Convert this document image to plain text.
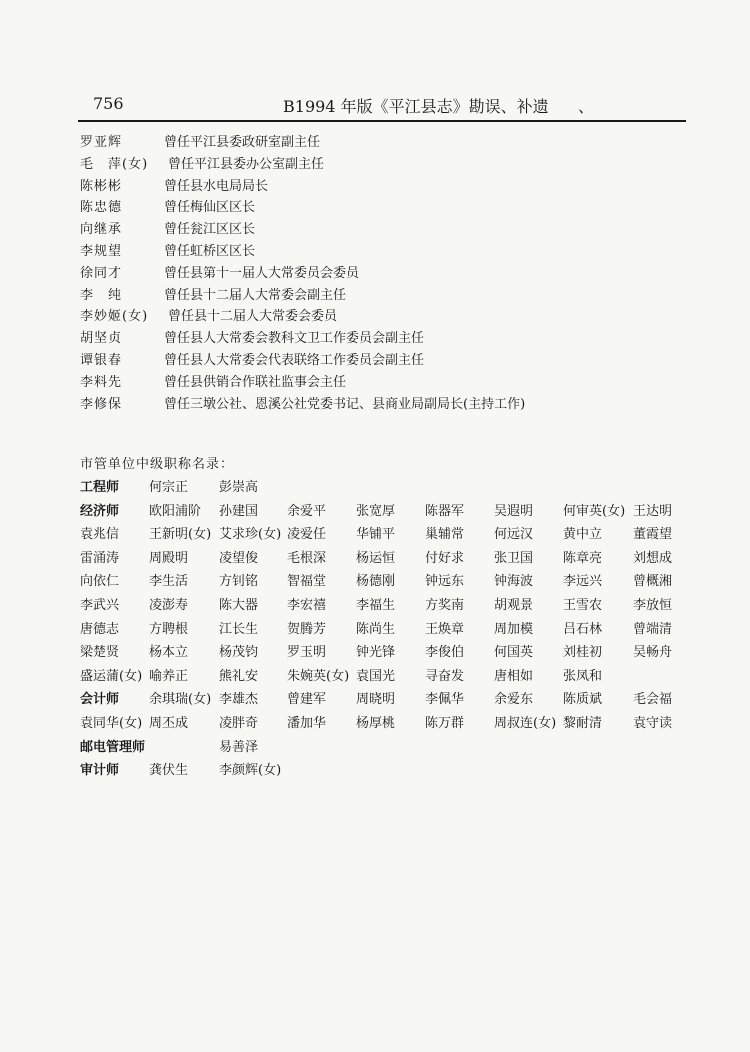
756	B1994 年版《平江县志》勘误、补遗 、
罗亚辉	曾任平江县委政研室副主任
毛　萍(女) 曾任平江县委办公室副主任
陈彬彬	曾任县水电局局长
陈忠德	曾任梅仙区区长
向继承	曾任瓮江区区长
李规望	曾任虹桥区区长
徐同才	曾任县第十一届人大常委员会委员
李　纯	曾任县十二届人大常委会副主任
李妙姬(女) 曾任县十二届人大常委会委员
胡坚贞	曾任县人大常委会教科文卫工作委员会副主任
谭银春	曾任县人大常委会代表联络工作委员会副主任
李料先	曾任县供销合作联社监事会主任
李修保	曾任三墩公社、恩溪公社党委书记、县商业局副局长(主持工作)
市管单位中级职称名录：
工程师 何宗正 彭崇高
经济师 欧阳浦阶 孙建国 余爱平 张宽厚 陈器军 吴遐明 何审英(女) 王达明
袁兆信 王新明(女) 艾求珍(女) 凌爱任 华铺平 巢辅常 何远汉 黄中立 董霞望
雷涌涛 周殿明 凌望俊 毛根深 杨运恒 付好求 张卫国 陈章亮 刘想成
向依仁 李生活 方钊铭 智福堂 杨德刚 钟远东 钟海波 李远兴 曾概湘
李武兴 凌澎寿 陈大器 李宏禧 李福生 方奖南 胡观景 王雪农 李放恒
唐德志 方聘根 江长生 贺腾芳 陈尚生 王焕章 周加模 吕石林 曾端清
梁楚贤 杨本立 杨茂钧 罗玉明 钟光锋 李俊伯 何国英 刘桂初 吴畅舟
盛运蒲(女) 喻养正 熊礼安 朱婉英(女) 袁国光 寻奋发 唐相如 张凤和
会计师 余琪瑞(女) 李雄杰 曾建军 周晓明 李佩华 余爱东 陈质斌 毛会福
袁同华(女) 周丕成 凌胖奇 潘加华 杨厚桃 陈万群 周叔连(女) 黎耐清 袁守读
邮电管理师	易善泽
审计师 龚伏生 李颜辉(女)
